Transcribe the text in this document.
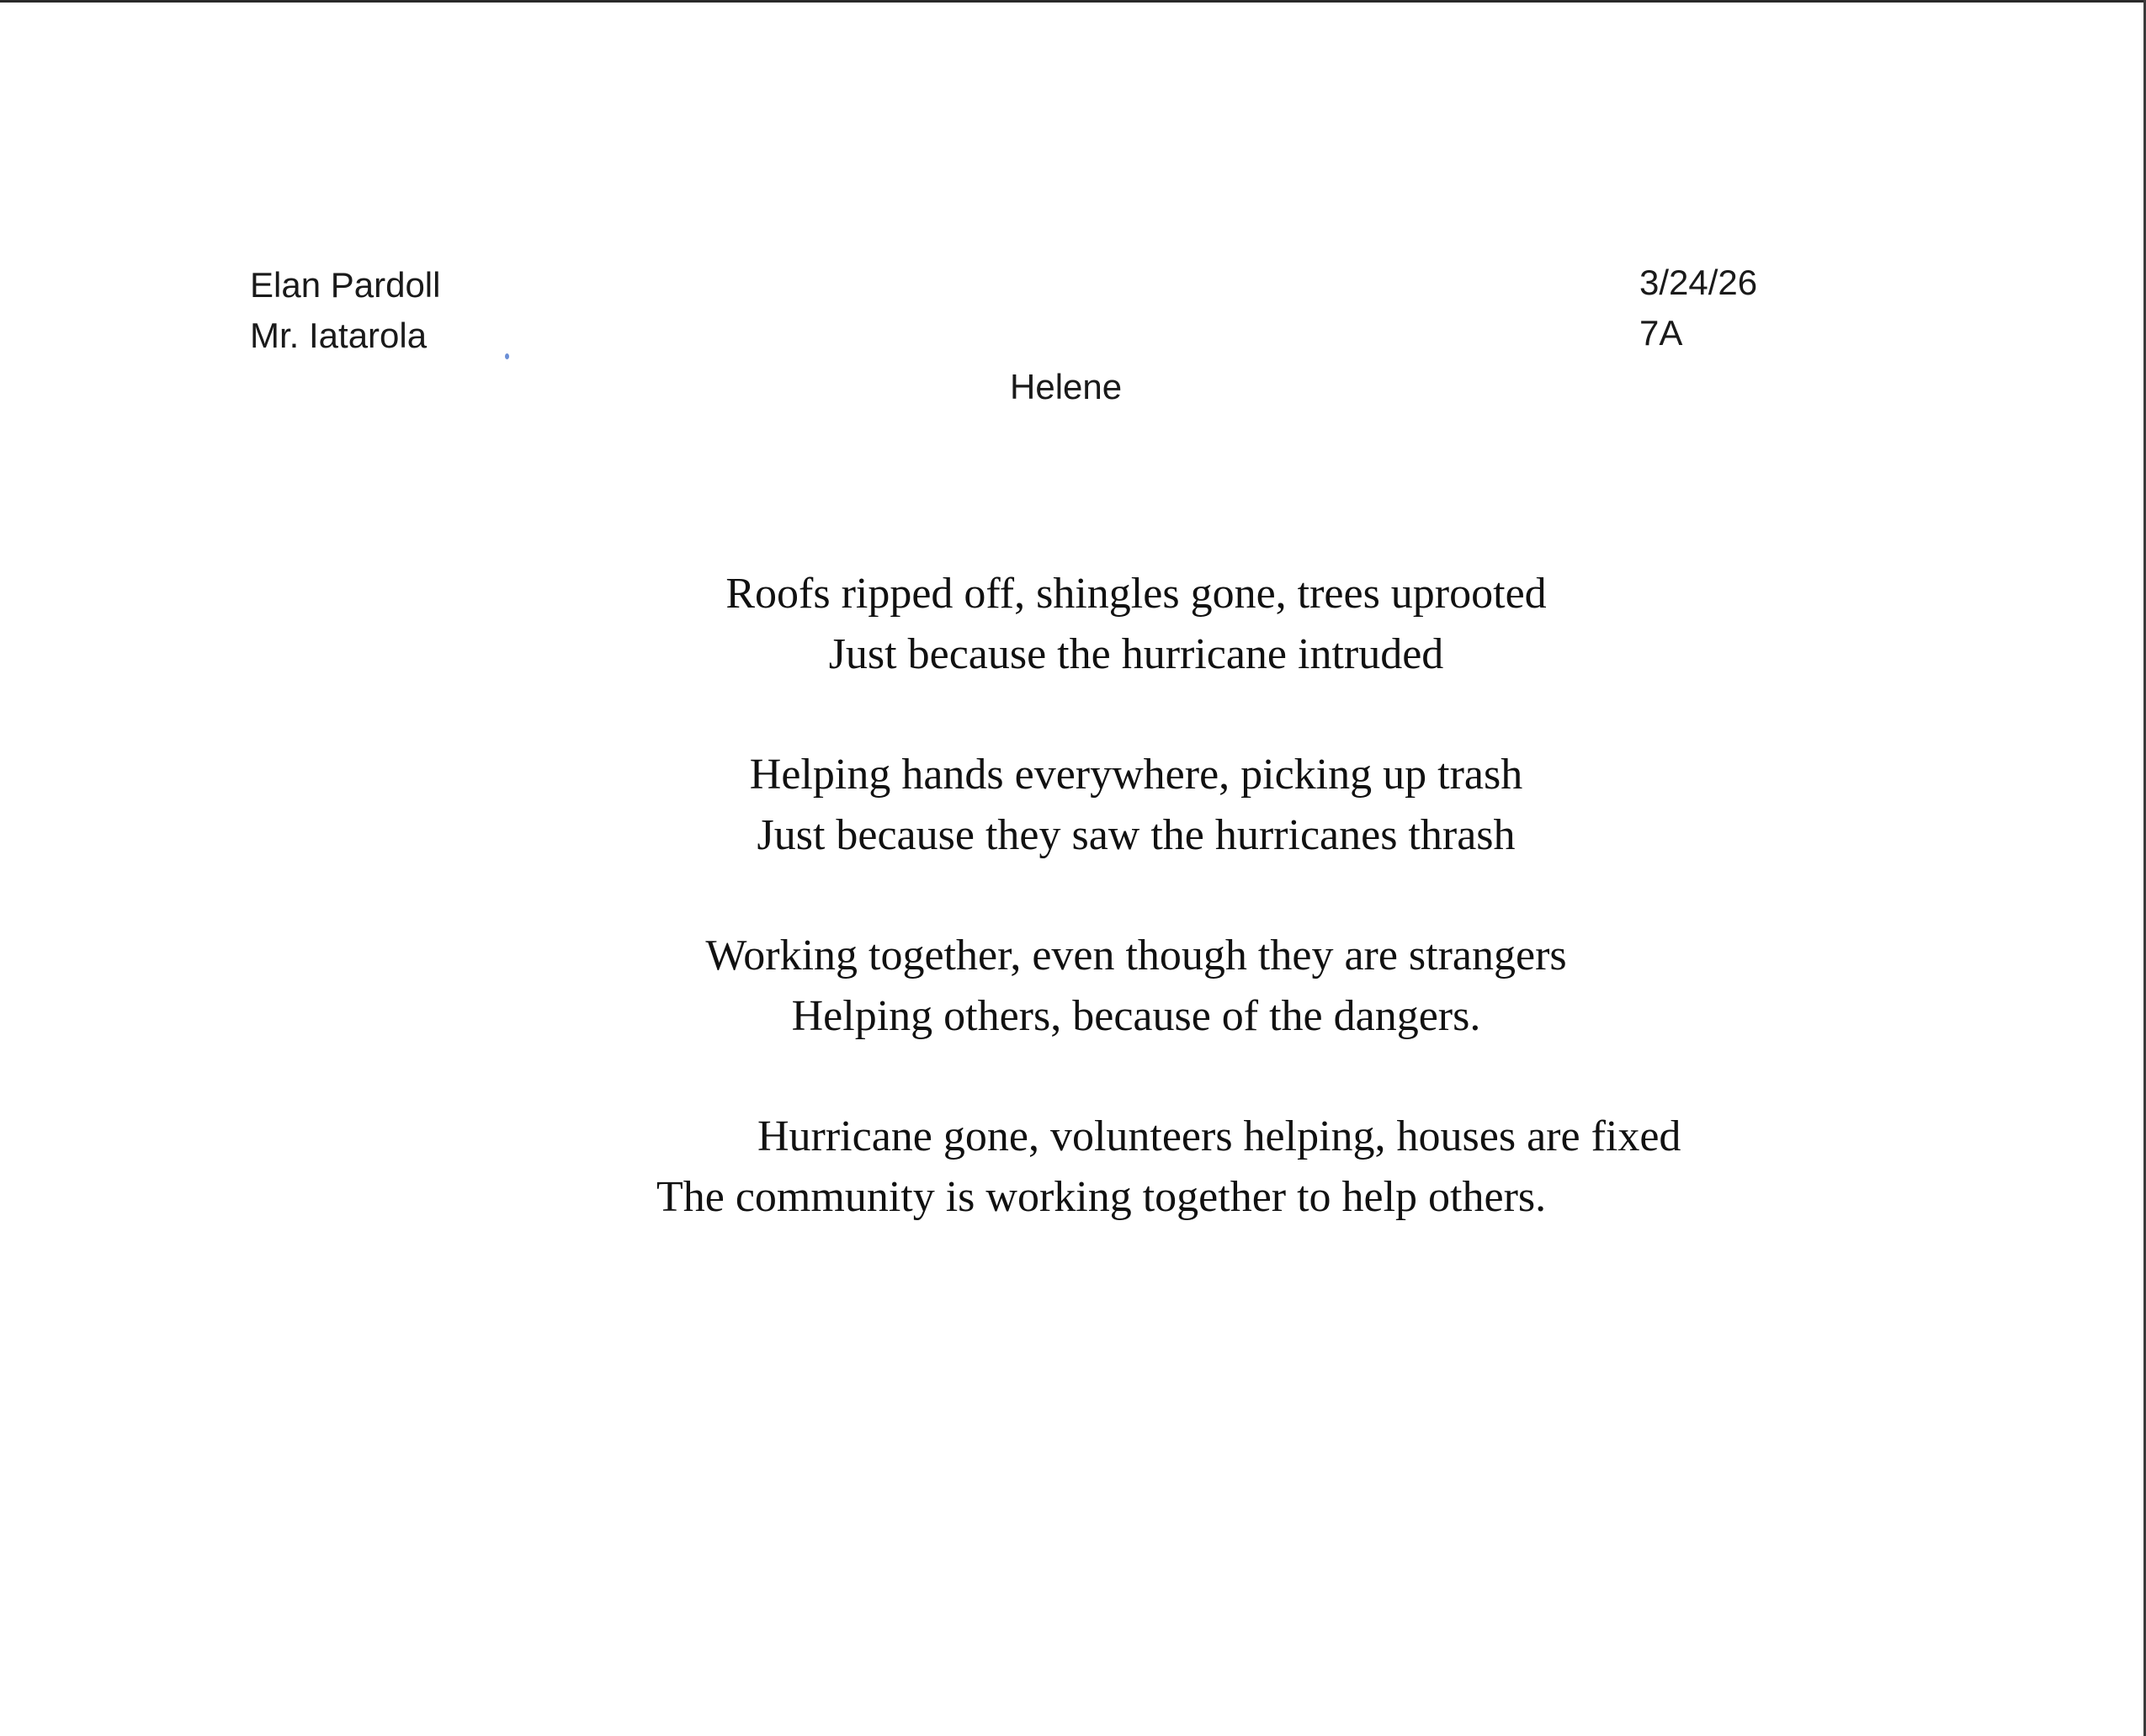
Elan Pardoll
Mr. Iatarola
3/24/26
7A
Helene
Roofs ripped off, shingles gone, trees uprooted
Just because the hurricane intruded
Helping hands everywhere, picking up trash
Just because they saw the hurricanes thrash
Working together, even though they are strangers
Helping others, because of the dangers.
Hurricane gone, volunteers helping, houses are fixed
The community is working together to help others.
